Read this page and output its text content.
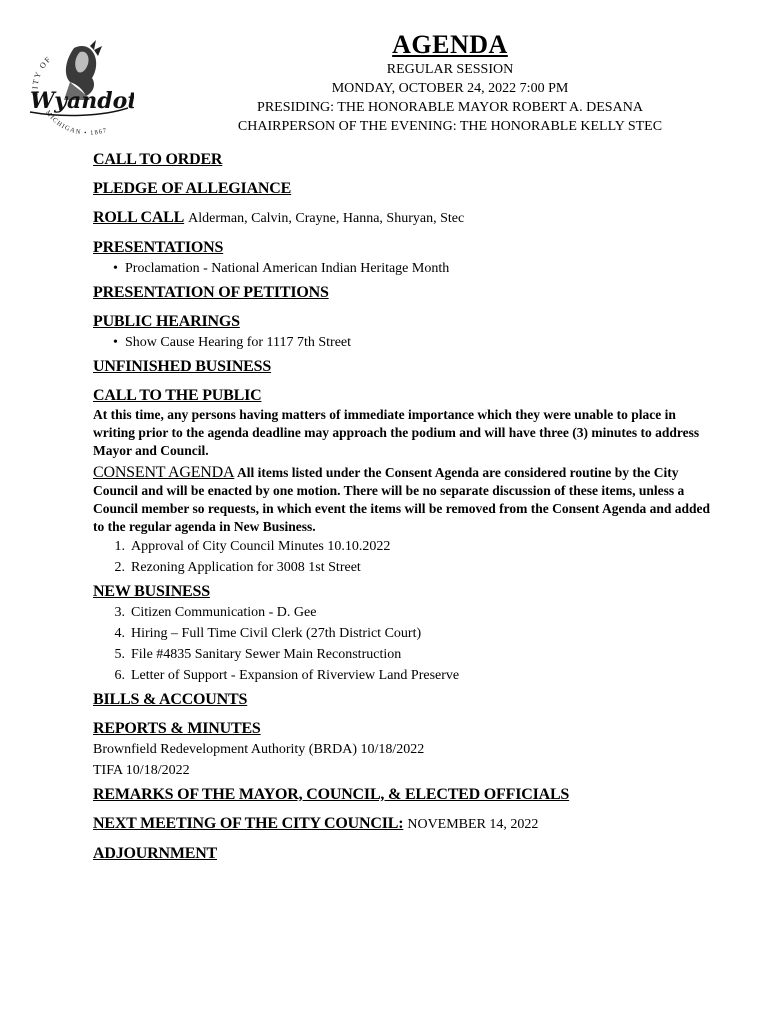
CITY OF
MICHIGAN • 1867
Wyando
AGENDA
REGULAR SESSION
MONDAY, OCTOBER 24, 2022 7:00 PM
PRESIDING: THE HONORABLE MAYOR ROBERT A. DESANA
CHAIRPERSON OF THE EVENING: THE HONORABLE KELLY STEC
CALL TO ORDER
PLEDGE OF ALLEGIANCE
ROLL CALL Alderman, Calvin, Crayne, Hanna, Shuryan, Stec
PRESENTATIONS
• Proclamation - National American Indian Heritage Month
PRESENTATION OF PETITIONS
PUBLIC HEARINGS
• Show Cause Hearing for 1117 7th Street
UNFINISHED BUSINESS
CALL TO THE PUBLIC
At this time, any persons having matters of immediate importance which they were unable to place in writing prior to the agenda deadline may approach the podium and will have three (3) minutes to address Mayor and Council.
CONSENT AGENDA All items listed under the Consent Agenda are considered routine by the City Council and will be enacted by one motion. There will be no separate discussion of these items, unless a Council member so requests, in which event the items will be removed from the Consent Agenda and added to the regular agenda in New Business.
1. Approval of City Council Minutes 10.10.2022
2. Rezoning Application for 3008 1st Street
NEW BUSINESS
3. Citizen Communication - D. Gee
4. Hiring – Full Time Civil Clerk (27th District Court)
5. File #4835 Sanitary Sewer Main Reconstruction
6. Letter of Support - Expansion of Riverview Land Preserve
BILLS & ACCOUNTS
REPORTS & MINUTES
Brownfield Redevelopment Authority (BRDA) 10/18/2022
TIFA 10/18/2022
REMARKS OF THE MAYOR, COUNCIL, & ELECTED OFFICIALS
NEXT MEETING OF THE CITY COUNCIL: NOVEMBER 14, 2022
ADJOURNMENT
